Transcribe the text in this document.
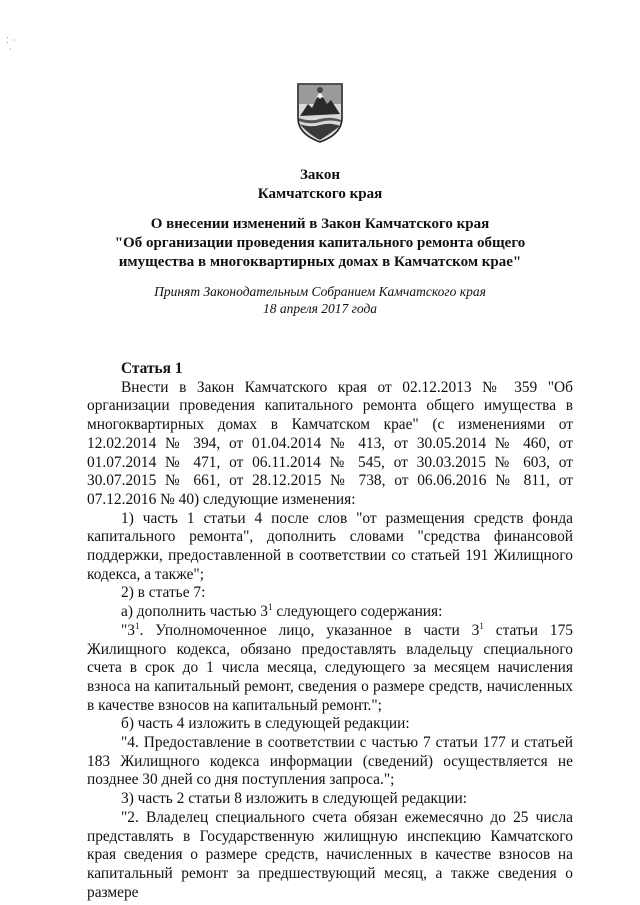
⁚ ·
·
Закон
Камчатского края
О внесении изменений в Закон Камчатского края
"Об организации проведения капитального ремонта общего
имущества в многоквартирных домах в Камчатском крае"
Принят Законодательным Собранием Камчатского края
18 апреля 2017 года

Статья 1

Внести в Закон Камчатского края от 02.12.2013 № 359 "Об организации проведения капитального ремонта общего имущества в многоквартирных домах в Камчатском крае" (с изменениями от 12.02.2014 № 394, от 01.04.2014 № 413, от 30.05.2014 № 460, от 01.07.2014 № 471, от 06.11.2014 № 545, от 30.03.2015 № 603, от 30.07.2015 № 661, от 28.12.2015 № 738, от 06.06.2016 № 811, от 07.12.2016 № 40) следующие изменения:

1) часть 1 статьи 4 после слов "от размещения средств фонда капитального ремонта", дополнить словами "средства финансовой поддержки, предоставленной в соответствии со статьей 191 Жилищного кодекса, а также";

2) в статье 7:

а) дополнить частью $3^1$ следующего содержания:

"$3^1$. Уполномоченное лицо, указанное в части $3^1$ статьи 175 Жилищного кодекса, обязано предоставлять владельцу специального счета в срок до 1 числа месяца, следующего за месяцем начисления взноса на капитальный ремонт, сведения о размере средств, начисленных в качестве взносов на капитальный ремонт.";

б) часть 4 изложить в следующей редакции:

"4. Предоставление в соответствии с частью 7 статьи 177 и статьей 183 Жилищного кодекса информации (сведений) осуществляется не позднее 30 дней со дня поступления запроса.";

3) часть 2 статьи 8 изложить в следующей редакции:

"2. Владелец специального счета обязан ежемесячно до 25 числа представлять в Государственную жилищную инспекцию Камчатского края сведения о размере средств, начисленных в качестве взносов на капитальный ремонт за предшествующий месяц, а также сведения о размере
